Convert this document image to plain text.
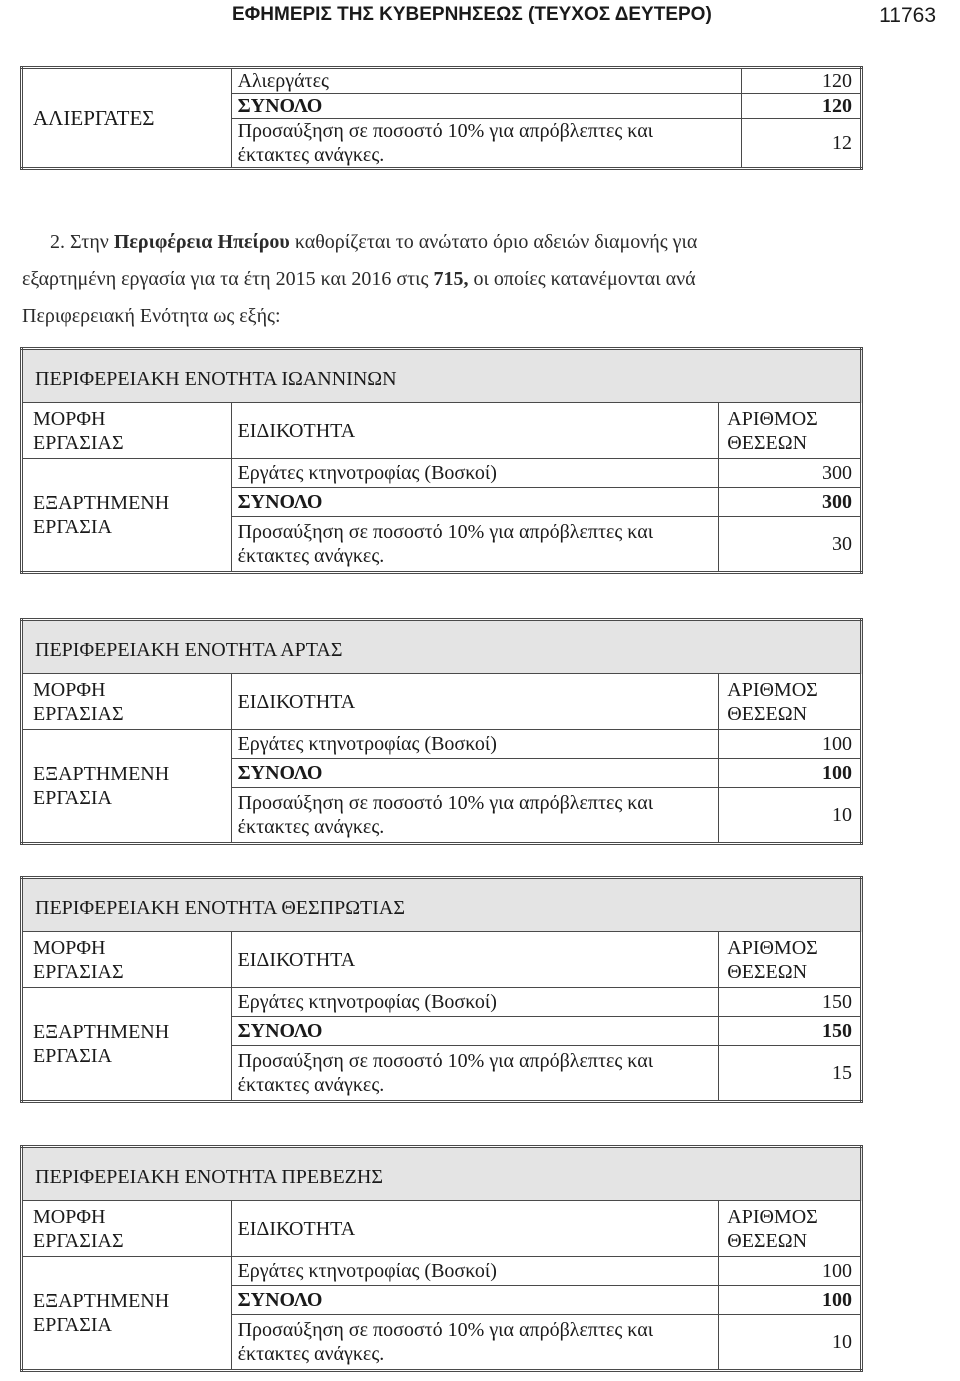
ΕΦΗΜΕΡΙΣ ΤΗΣ ΚΥΒΕΡΝΗΣΕΩΣ (ΤΕΥΧΟΣ ΔΕΥΤΕΡΟ)	11763
ΑΛΙΕΡΓΑΤΕΣ	Αλιεργάτες	120
	ΣΥΝΟΛΟ	120
	Προσαύξηση σε ποσοστό 10% για απρόβλεπτες και
έκτακτες ανάγκες.	12
2. Στην Περιφέρεια Ηπείρου καθορίζεται το ανώτατο όριο αδειών διαμονής για
εξαρτημένη εργασία για τα έτη 2015 και 2016 στις 715, οι οποίες κατανέμονται ανά
Περιφερειακή Ενότητα ως εξής:
ΠΕΡΙΦΕΡΕΙΑΚΗ ΕΝΟΤΗΤΑ ΙΩΑΝΝΙΝΩΝ		
ΜΟΡΦΗ
ΕΡΓΑΣΙΑΣ	ΕΙΔΙΚΟΤΗΤΑ	ΑΡΙΘΜΟΣ
ΘΕΣΕΩΝ
ΕΞΑΡΤΗΜΕΝΗ
ΕΡΓΑΣΙΑ	Εργάτες κτηνοτροφίας (Βοσκοί)	300
	ΣΥΝΟΛΟ	300
	Προσαύξηση σε ποσοστό 10% για απρόβλεπτες και
έκτακτες ανάγκες.	30
ΠΕΡΙΦΕΡΕΙΑΚΗ ΕΝΟΤΗΤΑ ΑΡΤΑΣ		
ΜΟΡΦΗ
ΕΡΓΑΣΙΑΣ	ΕΙΔΙΚΟΤΗΤΑ	ΑΡΙΘΜΟΣ
ΘΕΣΕΩΝ
ΕΞΑΡΤΗΜΕΝΗ
ΕΡΓΑΣΙΑ	Εργάτες κτηνοτροφίας (Βοσκοί)	100
	ΣΥΝΟΛΟ	100
	Προσαύξηση σε ποσοστό 10% για απρόβλεπτες και
έκτακτες ανάγκες.	10
ΠΕΡΙΦΕΡΕΙΑΚΗ ΕΝΟΤΗΤΑ ΘΕΣΠΡΩΤΙΑΣ		
ΜΟΡΦΗ
ΕΡΓΑΣΙΑΣ	ΕΙΔΙΚΟΤΗΤΑ	ΑΡΙΘΜΟΣ
ΘΕΣΕΩΝ
ΕΞΑΡΤΗΜΕΝΗ
ΕΡΓΑΣΙΑ	Εργάτες κτηνοτροφίας (Βοσκοί)	150
	ΣΥΝΟΛΟ	150
	Προσαύξηση σε ποσοστό 10% για απρόβλεπτες και
έκτακτες ανάγκες.	15
ΠΕΡΙΦΕΡΕΙΑΚΗ ΕΝΟΤΗΤΑ ΠΡΕΒΕΖΗΣ		
ΜΟΡΦΗ
ΕΡΓΑΣΙΑΣ	ΕΙΔΙΚΟΤΗΤΑ	ΑΡΙΘΜΟΣ
ΘΕΣΕΩΝ
ΕΞΑΡΤΗΜΕΝΗ
ΕΡΓΑΣΙΑ	Εργάτες κτηνοτροφίας (Βοσκοί)	100
	ΣΥΝΟΛΟ	100
	Προσαύξηση σε ποσοστό 10% για απρόβλεπτες και
έκτακτες ανάγκες.	10
